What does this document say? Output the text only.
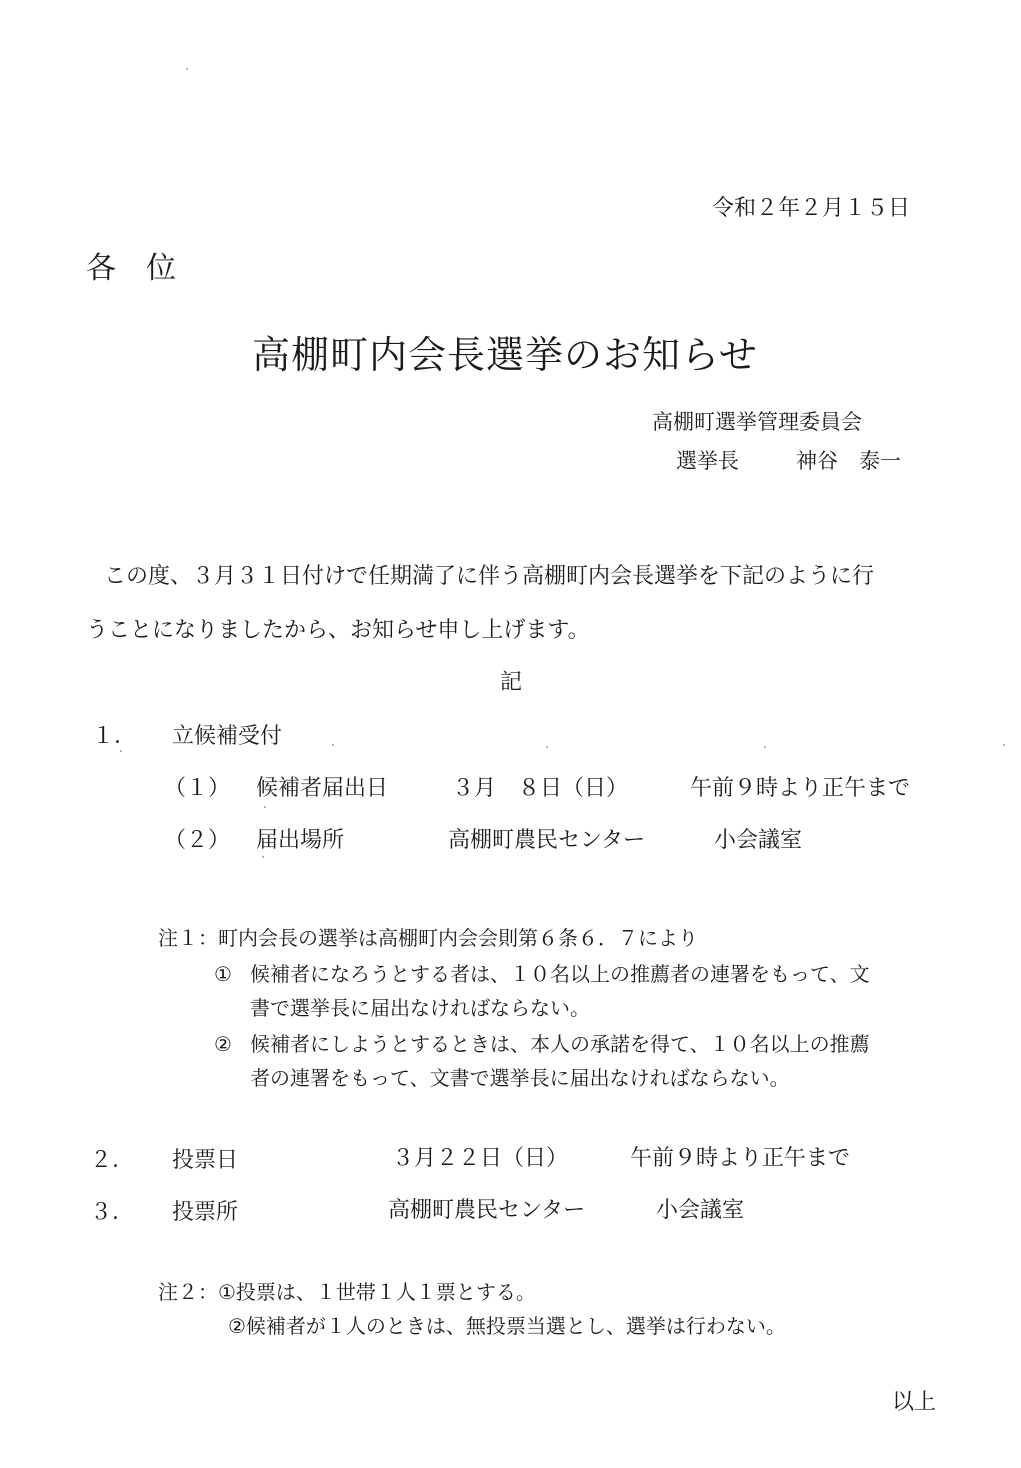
令和２年２月１５日
各　位
高棚町内会長選挙のお知らせ
高棚町選挙管理委員会
選挙長	神谷　泰一
この度、３月３１日付けで任期満了に伴う高棚町内会長選挙を下記のように行
うことになりましたから、お知らせ申し上げます。
記
１. 立候補受付
（１） 候補者届出日	３月　８日（日）	午前９時より正午まで
（２） 届出場所	高棚町農民センター	小会議室
注１：町内会長の選挙は高棚町内会会則第６条６．７により
① 候補者になろうとする者は、１０名以上の推薦者の連署をもって、文
書で選挙長に届出なければならない。
② 候補者にしようとするときは、本人の承諾を得て、１０名以上の推薦
者の連署をもって、文書で選挙長に届出なければならない。
２. 投票日	３月２２日（日）	午前９時より正午まで
３. 投票所	高棚町農民センター	小会議室
注２：①投票は、１世帯１人１票とする。
②候補者が１人のときは、無投票当選とし、選挙は行わない。
以上
